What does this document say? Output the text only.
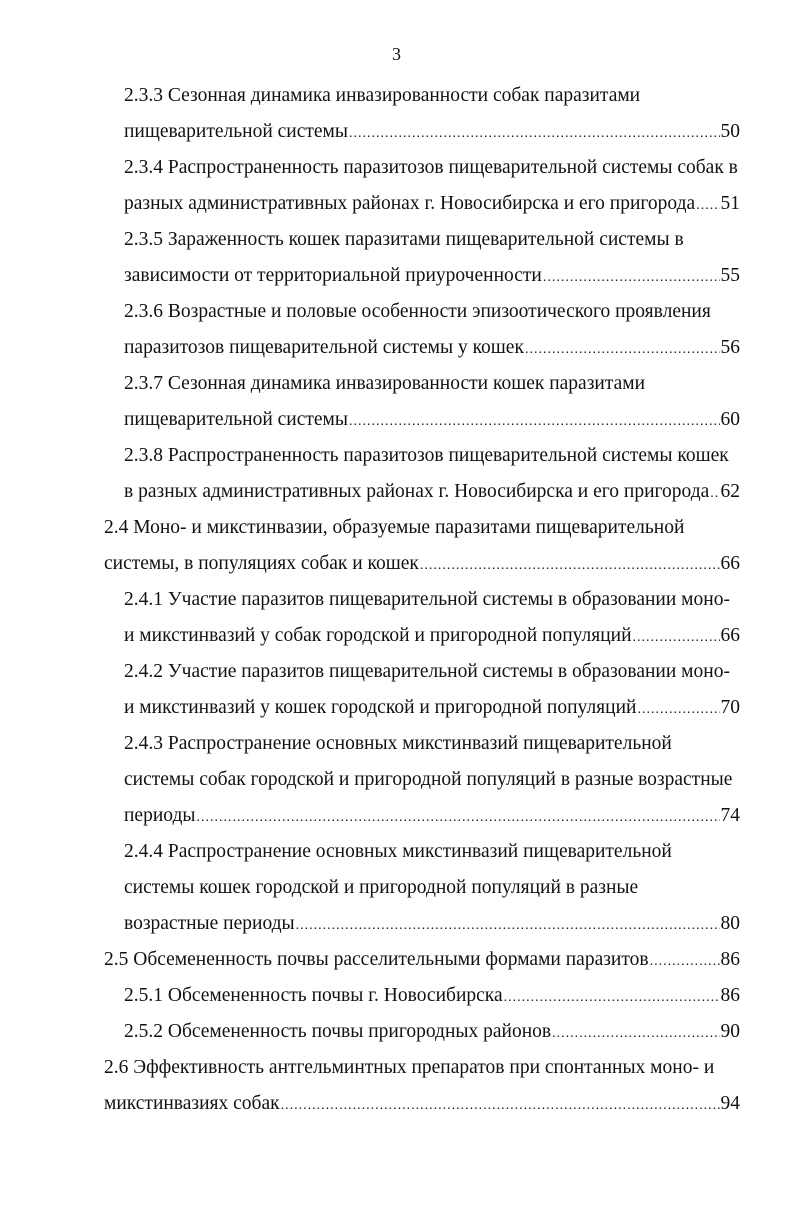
3
2.3.3 Сезонная динамика инвазированности собак паразитами
пищеварительной системы .....	50
2.3.4 Распространенность паразитозов пищеварительной системы собак в
разных административных районах г. Новосибирска и его пригорода ..... 51
2.3.5 Зараженность кошек паразитами пищеварительной системы в
зависимости от территориальной приуроченности .....	55
2.3.6 Возрастные и половые особенности эпизоотического проявления
паразитозов пищеварительной системы у кошек .....	56
2.3.7 Сезонная динамика инвазированности кошек паразитами
пищеварительной системы .....	60
2.3.8 Распространенность паразитозов пищеварительной системы кошек
в разных административных районах г. Новосибирска и его пригорода ..... 62
2.4 Моно- и микстинвазии, образуемые паразитами пищеварительной
системы, в популяциях собак и кошек .....	66
2.4.1 Участие паразитов пищеварительной системы в образовании моно-
и микстинвазий у собак городской и пригородной популяций .....	66
2.4.2 Участие паразитов пищеварительной системы в образовании моно-
и микстинвазий у кошек городской и пригородной популяций .....	70
2.4.3 Распространение основных микстинвазий пищеварительной
системы собак городской и пригородной популяций в разные возрастные
периоды .....	74
2.4.4 Распространение основных микстинвазий пищеварительной
системы кошек городской и пригородной популяций в разные
возрастные периоды .....	80
2.5 Обсемененность почвы расселительными формами паразитов .....	86
2.5.1 Обсемененность почвы г. Новосибирска .....	86
2.5.2 Обсемененность почвы пригородных районов .....	90
2.6 Эффективность антгельминтных препаратов при спонтанных моно- и
микстинвазиях собак .....	94
